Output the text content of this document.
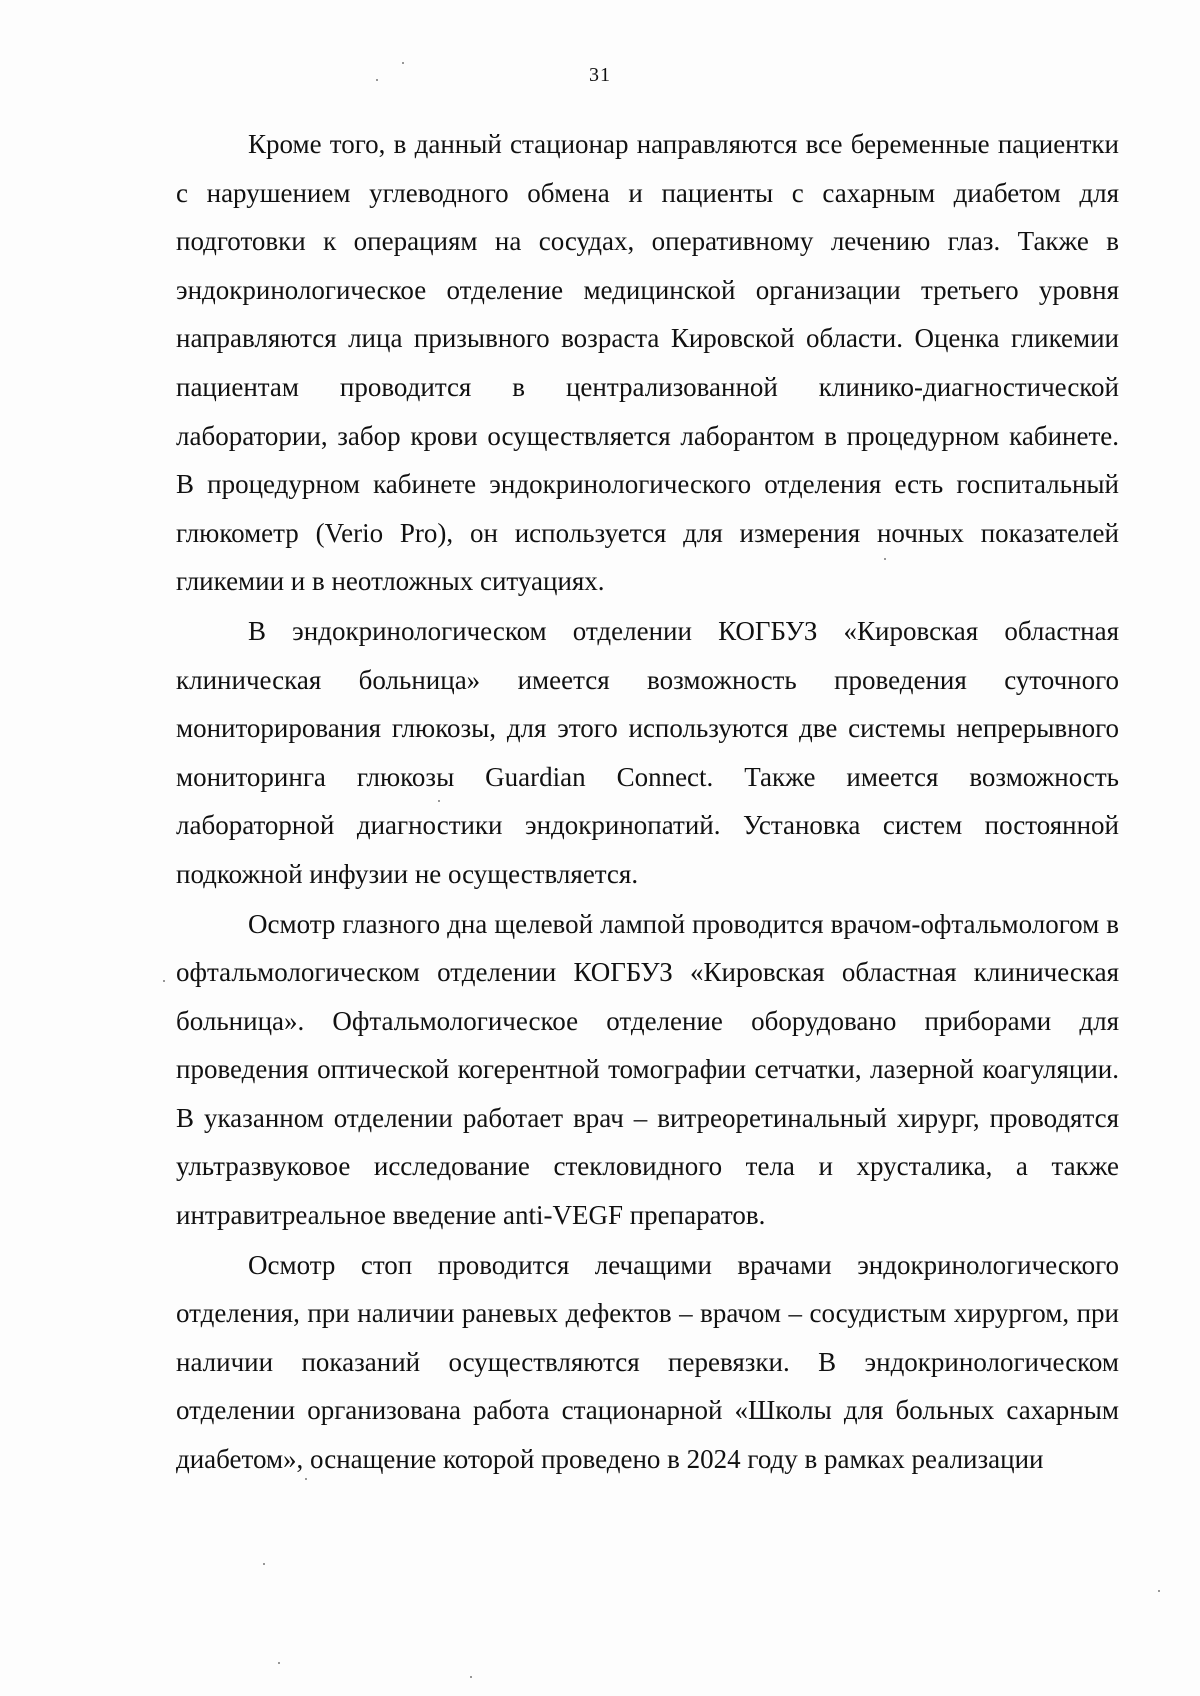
31

Кроме того, в данный стационар направляются все беременные пациентки с нарушением углеводного обмена и пациенты с сахарным диабетом для подготовки к операциям на сосудах, оперативному лечению глаз. Также в эндокринологическое отделение медицинской организации третьего уровня направляются лица призывного возраста Кировской области. Оценка гликемии пациентам проводится в централизованной клинико-диагностической лаборатории, забор крови осуществляется лаборантом в процедурном кабинете. В процедурном кабинете эндокринологического отделения есть госпитальный глюкометр (Verio Pro), он используется для измерения ночных показателей гликемии и в неотложных ситуациях.

В эндокринологическом отделении КОГБУЗ «Кировская областная клиническая больница» имеется возможность проведения суточного мониторирования глюкозы, для этого используются две системы непрерывного мониторинга глюкозы Guardian Connect. Также имеется возможность лабораторной диагностики эндокринопатий. Установка систем постоянной подкожной инфузии не осуществляется.

Осмотр глазного дна щелевой лампой проводится врачом-офтальмологом в офтальмологическом отделении КОГБУЗ «Кировская областная клиническая больница». Офтальмологическое отделение оборудовано приборами для проведения оптической когерентной томографии сетчатки, лазерной коагуляции. В указанном отделении работает врач – витреоретинальный хирург, проводятся ультразвуковое исследование стекловидного тела и хрусталика, а также интравитреальное введение anti-VEGF препаратов.

Осмотр стоп проводится лечащими врачами эндокринологического отделения, при наличии раневых дефектов – врачом – сосудистым хирургом, при наличии показаний осуществляются перевязки. В эндокринологическом отделении организована работа стационарной «Школы для больных сахарным диабетом», оснащение которой проведено в 2024 году в рамках реализации
